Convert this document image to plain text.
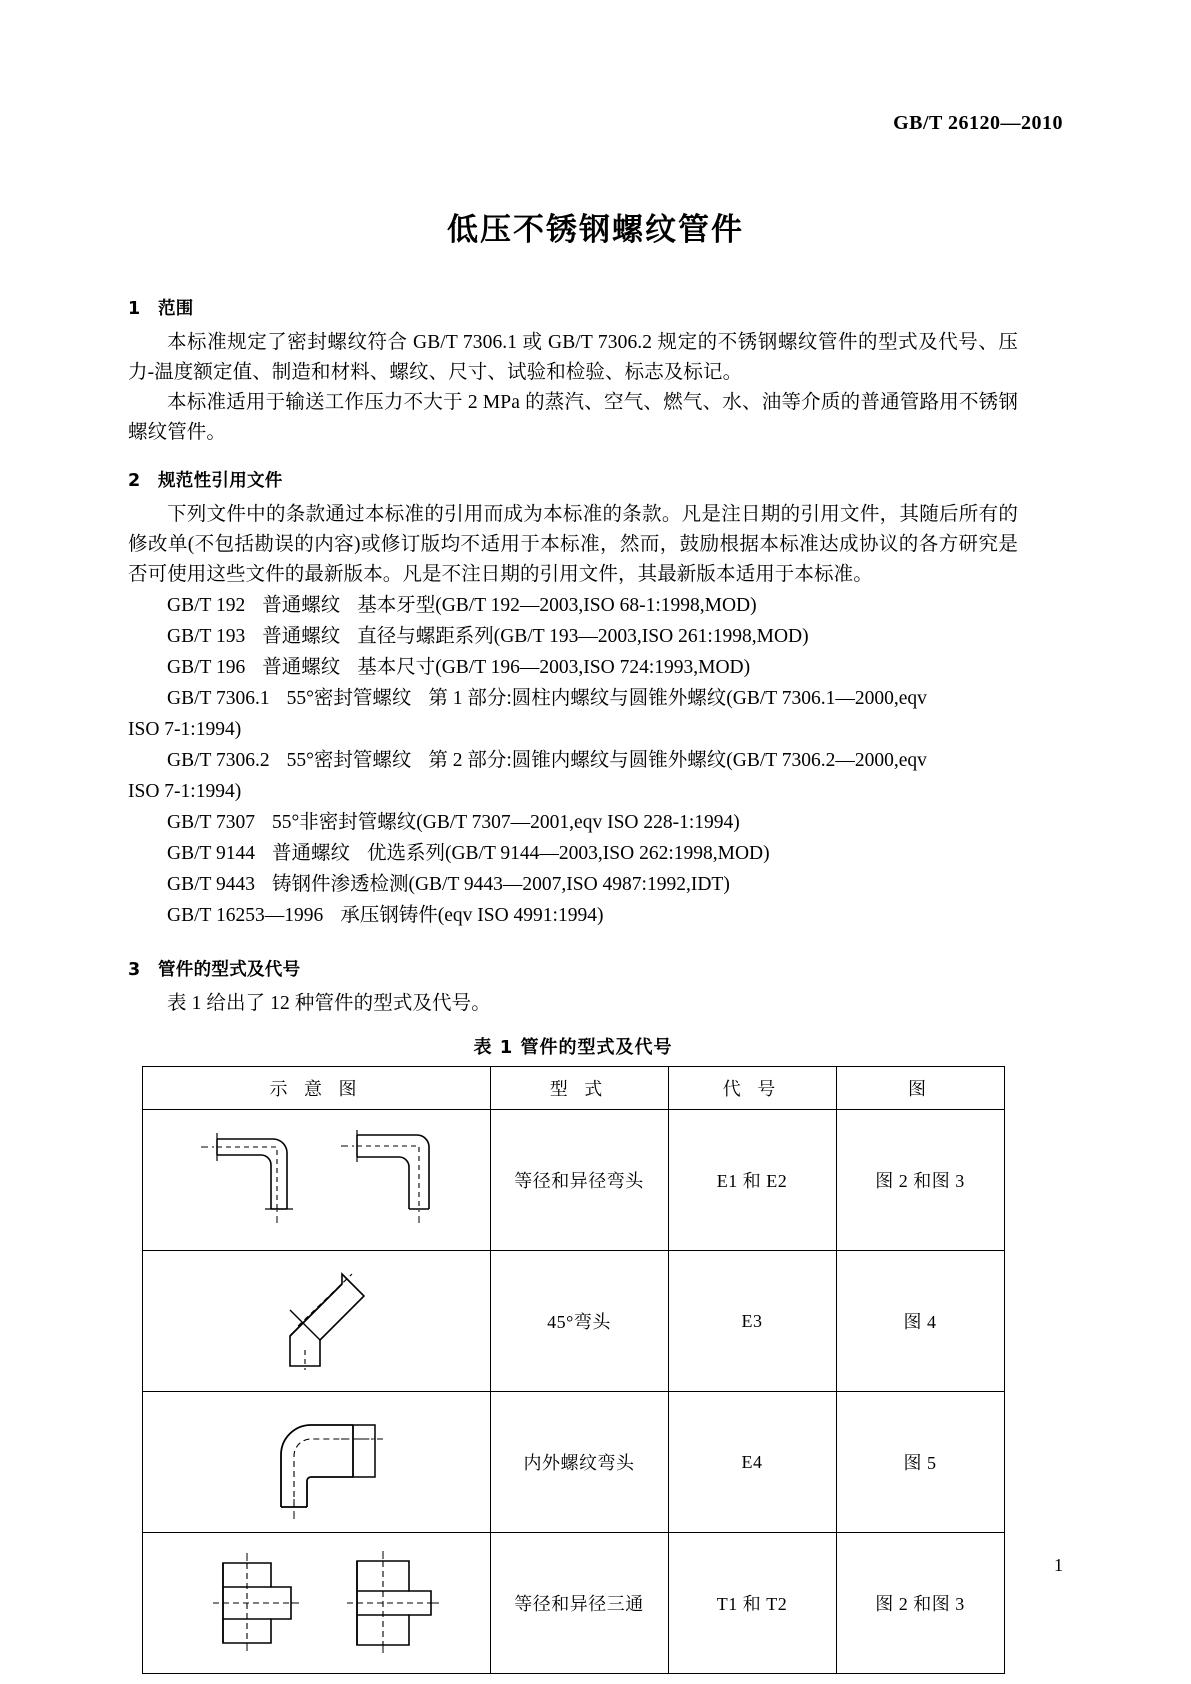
GB/T 26120—2010
低压不锈钢螺纹管件
1 范围

本标准规定了密封螺纹符合 GB/T 7306.1 或 GB/T 7306.2 规定的不锈钢螺纹管件的型式及代号、压力-温度额定值、制造和材料、螺纹、尺寸、试验和检验、标志及标记。

本标准适用于输送工作压力不大于 2 MPa 的蒸汽、空气、燃气、水、油等介质的普通管路用不锈钢螺纹管件。

2 规范性引用文件

下列文件中的条款通过本标准的引用而成为本标准的条款。凡是注日期的引用文件，其随后所有的修改单(不包括勘误的内容)或修订版均不适用于本标准，然而，鼓励根据本标准达成协议的各方研究是否可使用这些文件的最新版本。凡是不注日期的引用文件，其最新版本适用于本标准。

GB/T 192 普通螺纹 基本牙型(GB/T 192—2003,ISO 68-1:1998,MOD)
GB/T 193 普通螺纹 直径与螺距系列(GB/T 193—2003,ISO 261:1998,MOD)
GB/T 196 普通螺纹 基本尺寸(GB/T 196—2003,ISO 724:1993,MOD)
GB/T 7306.1 55°密封管螺纹 第 1 部分:圆柱内螺纹与圆锥外螺纹(GB/T 7306.1—2000,eqv
ISO 7-1:1994)
GB/T 7306.2 55°密封管螺纹 第 2 部分:圆锥内螺纹与圆锥外螺纹(GB/T 7306.2—2000,eqv
ISO 7-1:1994)
GB/T 7307 55°非密封管螺纹(GB/T 7307—2001,eqv ISO 228-1:1994)
GB/T 9144 普通螺纹 优选系列(GB/T 9144—2003,ISO 262:1998,MOD)
GB/T 9443 铸钢件渗透检测(GB/T 9443—2007,ISO 4987:1992,IDT)
GB/T 16253—1996 承压钢铸件(eqv ISO 4991:1994)
3 管件的型式及代号

表 1 给出了 12 种管件的型式及代号。

表 1 管件的型式及代号
示 意 图	型 式	代 号	图

	等径和异径弯头	E1 和 E2	图 2 和图 3

	45°弯头	E3	图 4

	内外螺纹弯头	E4	图 5

	等径和异径三通	T1 和 T2	图 2 和图 3
1
